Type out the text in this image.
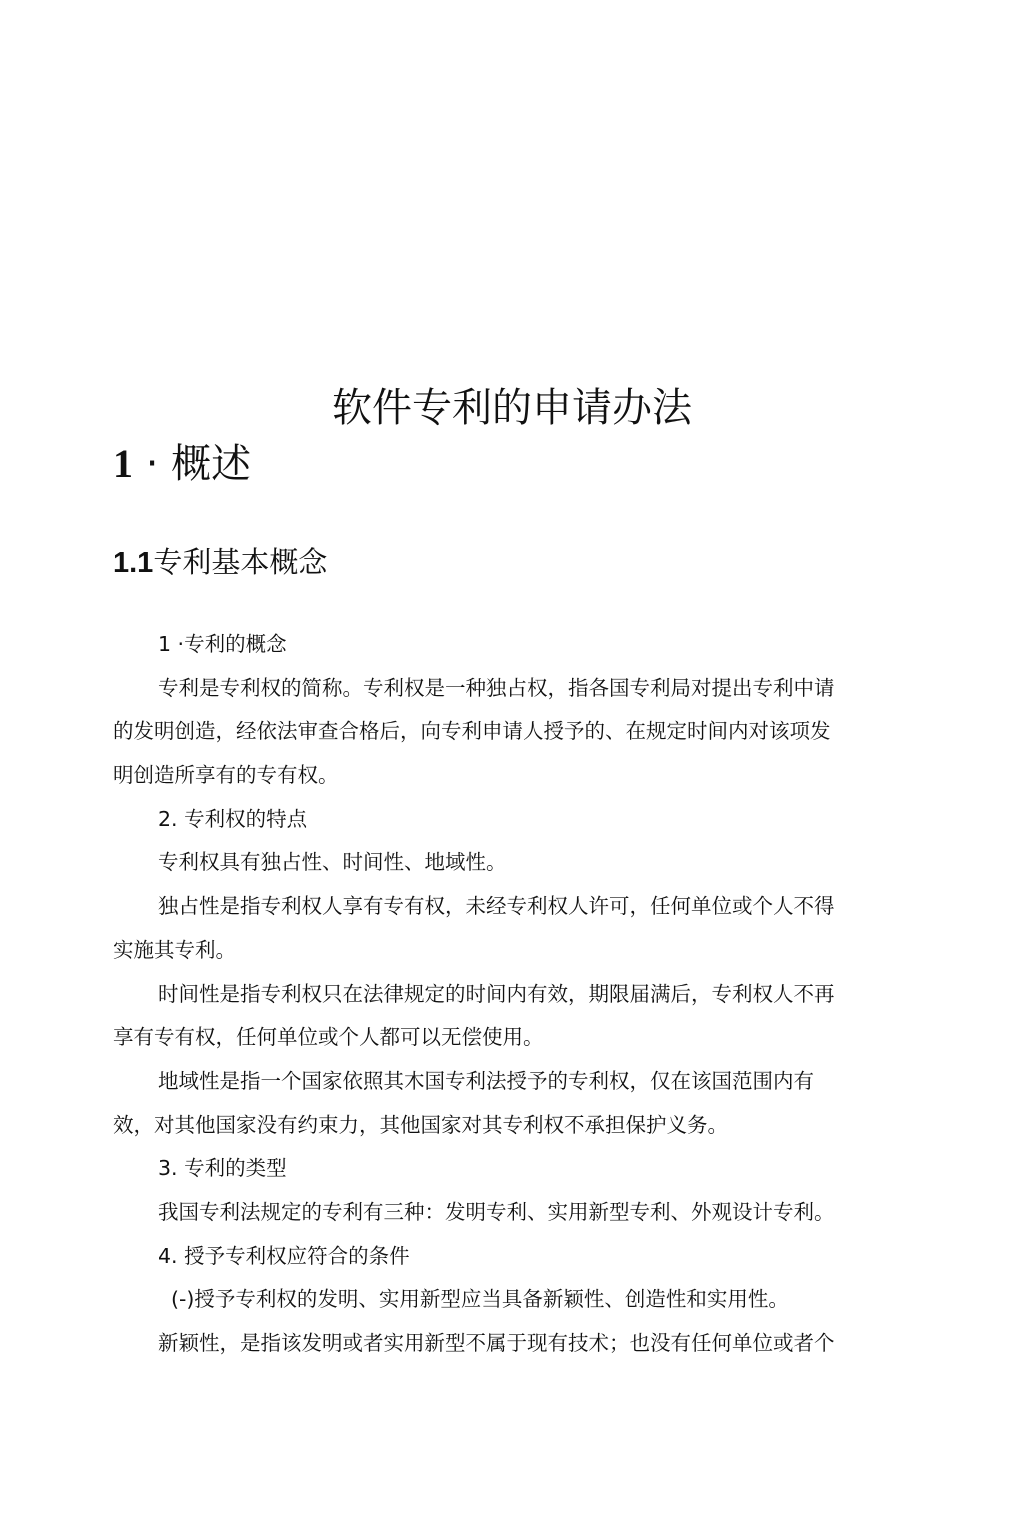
软件专利的申请办法
1 · 概述
1.1专利基本概念
1 ·专利的概念
专利是专利权的简称。专利权是一种独占权，指各国专利局对提出专利中请
的发明创造，经依法审查合格后，向专利申请人授予的、在规定时间内对该项发
明创造所享有的专有权。
2. 专利权的特点
专利权具有独占性、时间性、地域性。
独占性是指专利权人享有专有权，未经专利权人许可，任何单位或个人不得
实施其专利。
时间性是指专利权只在法律规定的时间内有效，期限届满后，专利权人不再
享有专有权，任何单位或个人都可以无偿使用。
地域性是指一个国家依照其木国专利法授予的专利权，仅在该国范围内有
效，对其他国家没有约束力，其他国家对其专利权不承担保护义务。
3. 专利的类型
我国专利法规定的专利有三种：发明专利、实用新型专利、外观设计专利。
4. 授予专利权应符合的条件
(-)授予专利权的发明、实用新型应当具备新颖性、创造性和实用性。
新颖性，是指该发明或者实用新型不属于现有技术；也没有任何单位或者个
